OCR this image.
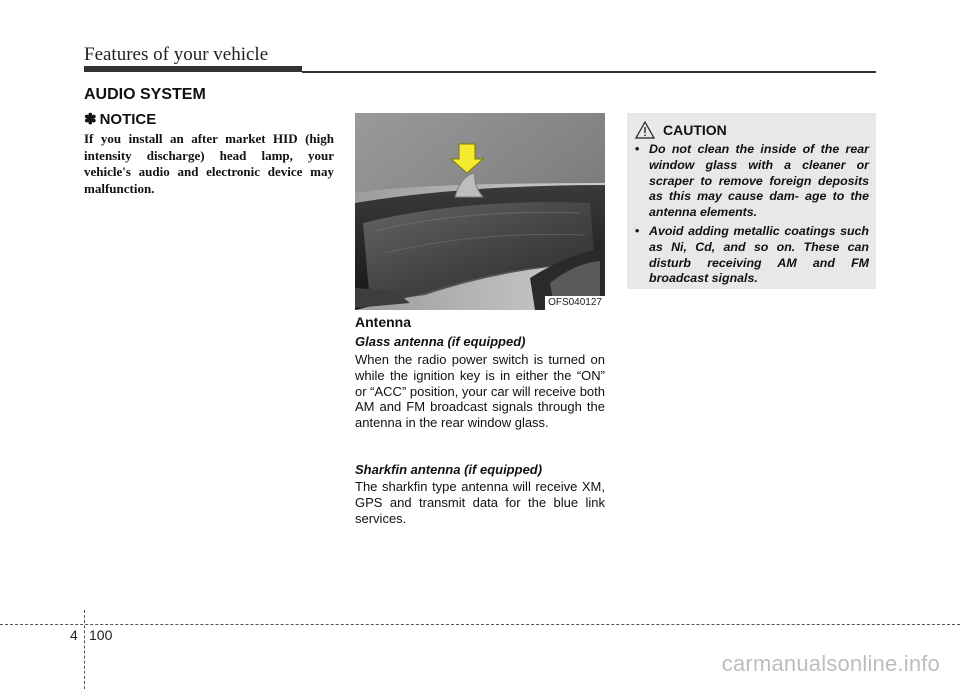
Features of your vehicle
AUDIO SYSTEM
✽ NOTICE
If you install an after market HID (high intensity discharge) head lamp, your vehicle's audio and electronic device may malfunction.
OFS040127
Antenna
Glass antenna (if equipped)
When the radio power switch is turned on while the ignition key is in either the “ON” or “ACC” position, your car will receive both AM and FM broadcast signals through the antenna in the rear window glass.
Sharkfin antenna (if equipped)
The sharkfin type antenna will receive XM, GPS and transmit data for the blue link services.
CAUTION
• Do not clean the inside of the rear window glass with a cleaner or scraper to remove foreign deposits as this may cause dam- age to the antenna elements.
• Avoid adding metallic coatings such as Ni, Cd, and so on. These can disturb receiving AM and FM broadcast signals.
4 100
carmanualsonline.info
